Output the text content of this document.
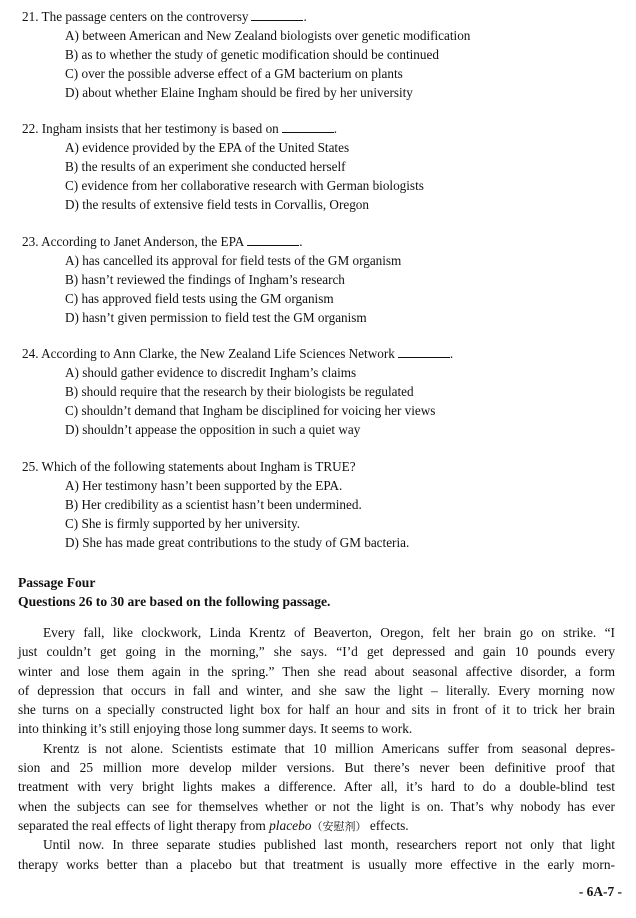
21. The passage centers on the controversy	.
A) between American and New Zealand biologists over genetic modification
B) as to whether the study of genetic modification should be continued
C) over the possible adverse effect of a GM bacterium on plants
D) about whether Elaine Ingham should be fired by her university
22. Ingham insists that her testimony is based on	.
A) evidence provided by the EPA of the United States
B) the results of an experiment she conducted herself
C) evidence from her collaborative research with German biologists
D) the results of extensive field tests in Corvallis, Oregon
23. According to Janet Anderson, the EPA	.
A) has cancelled its approval for field tests of the GM organism
B) hasn’t reviewed the findings of Ingham’s research
C) has approved field tests using the GM organism
D) hasn’t given permission to field test the GM organism
24. According to Ann Clarke, the New Zealand Life Sciences Network	.
A) should gather evidence to discredit Ingham’s claims
B) should require that the research by their biologists be regulated
C) shouldn’t demand that Ingham be disciplined for voicing her views
D) shouldn’t appease the opposition in such a quiet way
25. Which of the following statements about Ingham is TRUE?
A) Her testimony hasn’t been supported by the EPA.
B) Her credibility as a scientist hasn’t been undermined.
C) She is firmly supported by her university.
D) She has made great contributions to the study of GM bacteria.
Passage Four
Questions 26 to 30 are based on the following passage.
Every fall, like clockwork, Linda Krentz of Beaverton, Oregon, felt her brain go on strike. “I
just couldn’t get going in the morning,” she says. “I’d get depressed and gain 10 pounds every
winter and lose them again in the spring.” Then she read about seasonal affective disorder, a form
of depression that occurs in fall and winter, and she saw the light – literally. Every morning now
she turns on a specially constructed light box for half an hour and sits in front of it to trick her brain
into thinking it’s still enjoying those long summer days. It seems to work.
Krentz is not alone. Scientists estimate that 10 million Americans suffer from seasonal depres-
sion and 25 million more develop milder versions. But there’s never been definitive proof that
treatment with very bright lights makes a difference. After all, it’s hard to do a double-blind test
when the subjects can see for themselves whether or not the light is on. That’s why nobody has ever
separated the real effects of light therapy from placebo（安慰剂） effects.
Until now. In three separate studies published last month, researchers report not only that light
therapy works better than a placebo but that treatment is usually more effective in the early morn-
- 6A-7 -
